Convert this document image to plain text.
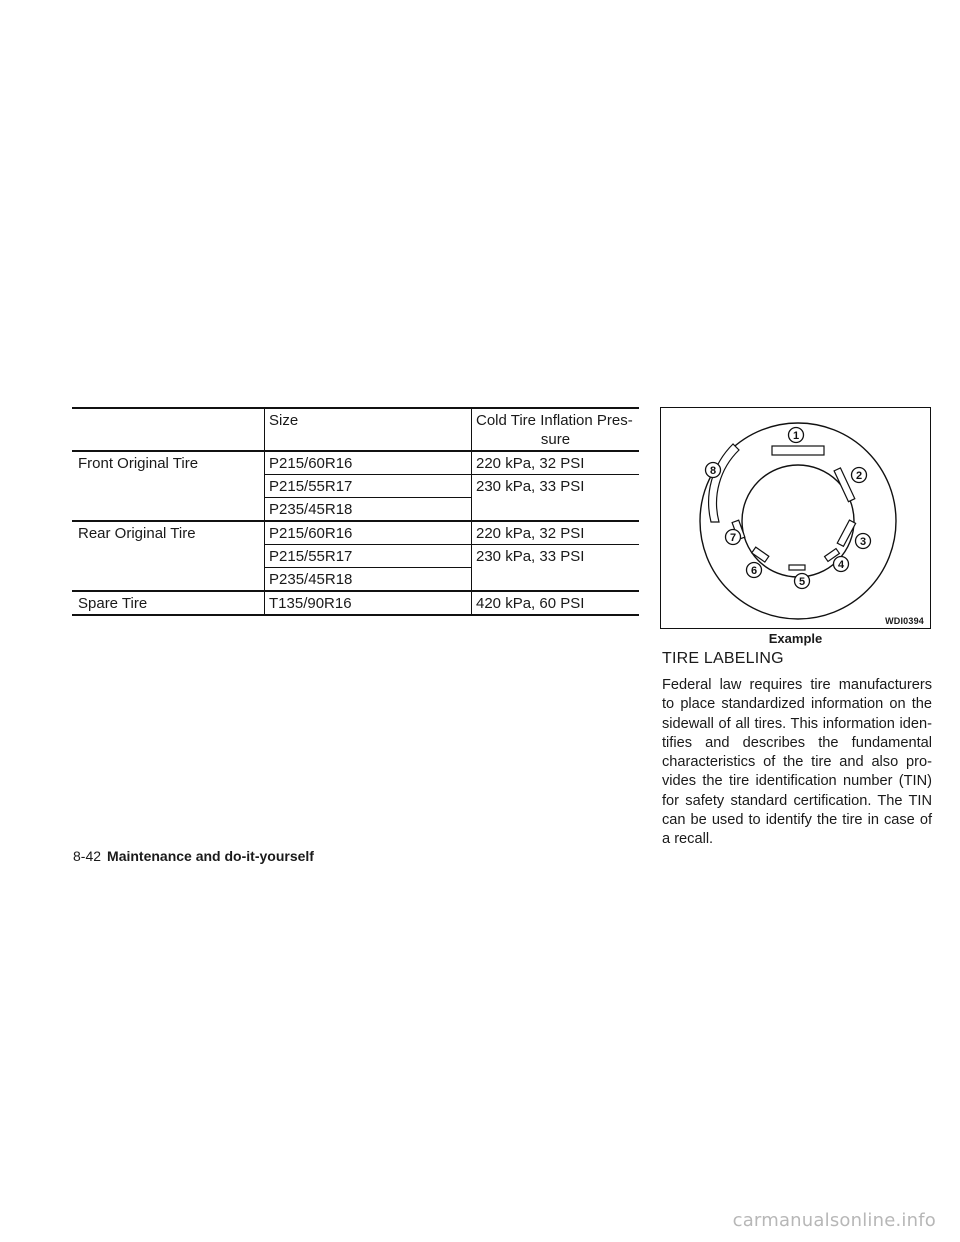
	Size	Cold Tire Inflation Pres-
sure

Front Original Tire	P215/60R16	220 kPa, 32 PSI
	P215/55R17	230 kPa, 33 PSI
	P235/45R18	
Rear Original Tire	P215/60R16	220 kPa, 32 PSI
	P215/55R17	230 kPa, 33 PSI
	P235/45R18	
Spare Tire	T135/90R16	420 kPa, 60 PSI
1
2
3
4
5
6
7
8
WDI0394
Example
TIRE LABELING

Federal law requires tire manufacturers to place standardized information on the sidewall of all tires. This information iden-tifies and describes the fundamental characteristics of the tire and also pro-vides the tire identification number (TIN) for safety standard certification. The TIN can be used to identify the tire in case of a recall.

8-42 Maintenance and do-it-yourself
carmanualsonline.info
